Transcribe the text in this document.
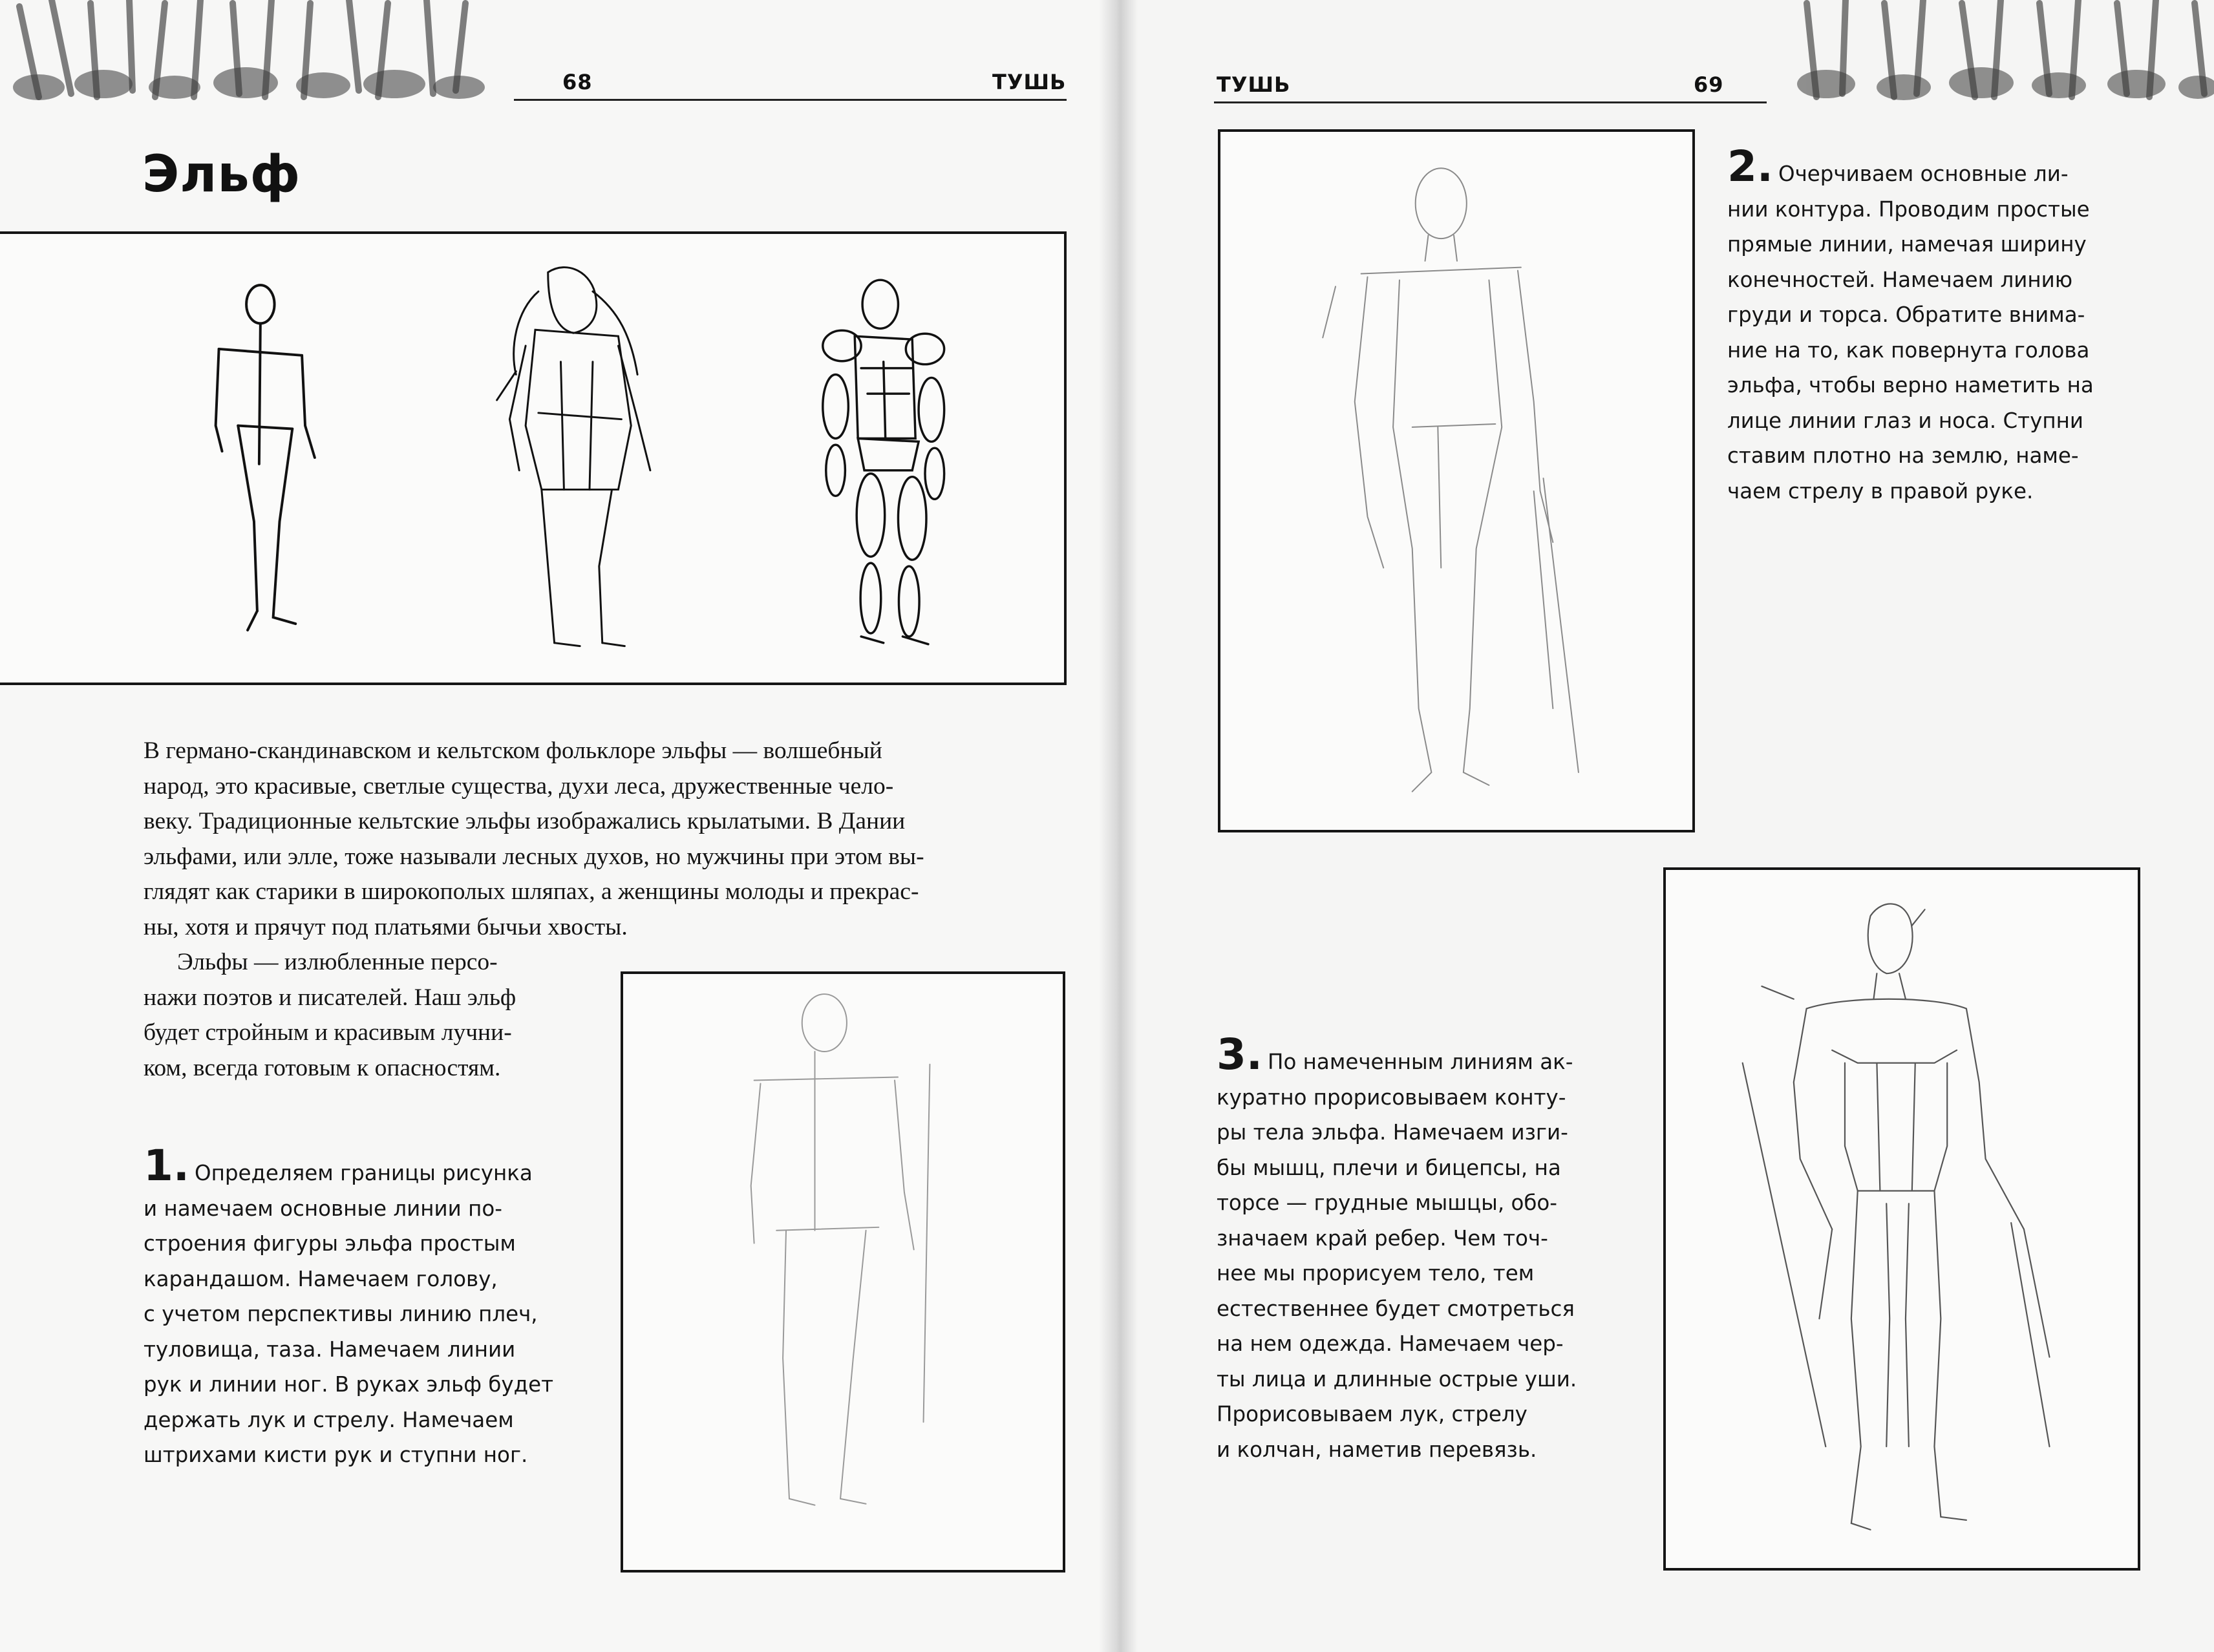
68	ТУШЬ
Эльф
В германо-скандинавском и кельтском фольклоре эльфы — волшебный
народ, это красивые, светлые существа, духи леса, дружественные чело-
веку. Традиционные кельтские эльфы изображались крылатыми. В Дании
эльфами, или элле, тоже называли лесных духов, но мужчины при этом вы-
глядят как старики в широкополых шляпах, а женщины молоды и прекрас-
ны, хотя и прячут под платьями бычьи хвосты.
Эльфы — излюбленные персо-
нажи поэтов и писателей. Наш эльф
будет стройным и красивым лучни-
ком, всегда готовым к опасностям.
1. Определяем границы рисунка
и намечаем основные линии по-
строения фигуры эльфа простым
карандашом. Намечаем голову,
с учетом перспективы линию плеч,
туловища, таза. Намечаем линии
рук и линии ног. В руках эльф будет
держать лук и стрелу. Намечаем
штрихами кисти рук и ступни ног.
ТУШЬ	69
2. Очерчиваем основные ли-
нии контура. Проводим простые
прямые линии, намечая ширину
конечностей. Намечаем линию
груди и торса. Обратите внима-
ние на то, как повернута голова
эльфа, чтобы верно наметить на
лице линии глаз и носа. Ступни
ставим плотно на землю, наме-
чаем стрелу в правой руке.
3. По намеченным линиям ак-
куратно прорисовываем конту-
ры тела эльфа. Намечаем изги-
бы мышц, плечи и бицепсы, на
торсе — грудные мышцы, обо-
значаем край ребер. Чем точ-
нее мы прорисуем тело, тем
естественнее будет смотреться
на нем одежда. Намечаем чер-
ты лица и длинные острые уши.
Прорисовываем лук, стрелу
и колчан, наметив перевязь.
